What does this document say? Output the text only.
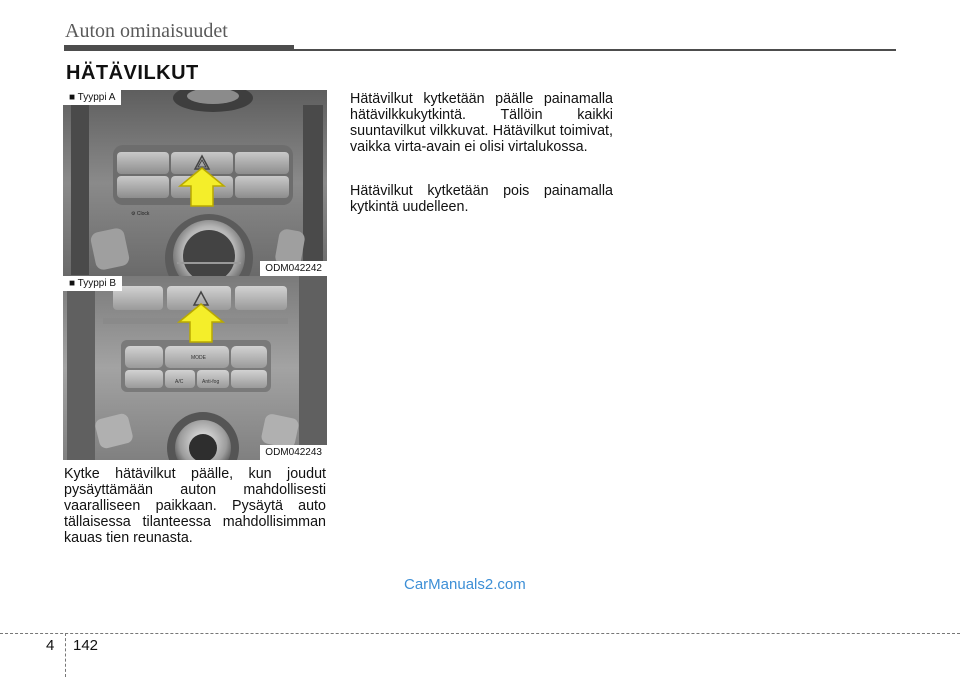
Auton ominaisuudet
HÄTÄVILKUT
⚙ Clock
■ Tyyppi A
ODM042242
A/C	Anti-fog
MODE
■ Tyyppi B
ODM042243
Kytke hätävilkut päälle, kun joudut pysäyttämään auton mahdollisesti vaaralliseen paikkaan. Pysäytä auto tällaisessa tilanteessa mahdollisimman kauas tien reunasta.
Hätävilkut kytketään päälle painamalla hätävilkkukytkintä. Tällöin kaikki suuntavilkut vilkkuvat. Hätävilkut toimivat, vaikka virta-avain ei olisi virtalukossa.
Hätävilkut kytketään pois painamalla kytkintä uudelleen.
CarManuals2.com
4 142
